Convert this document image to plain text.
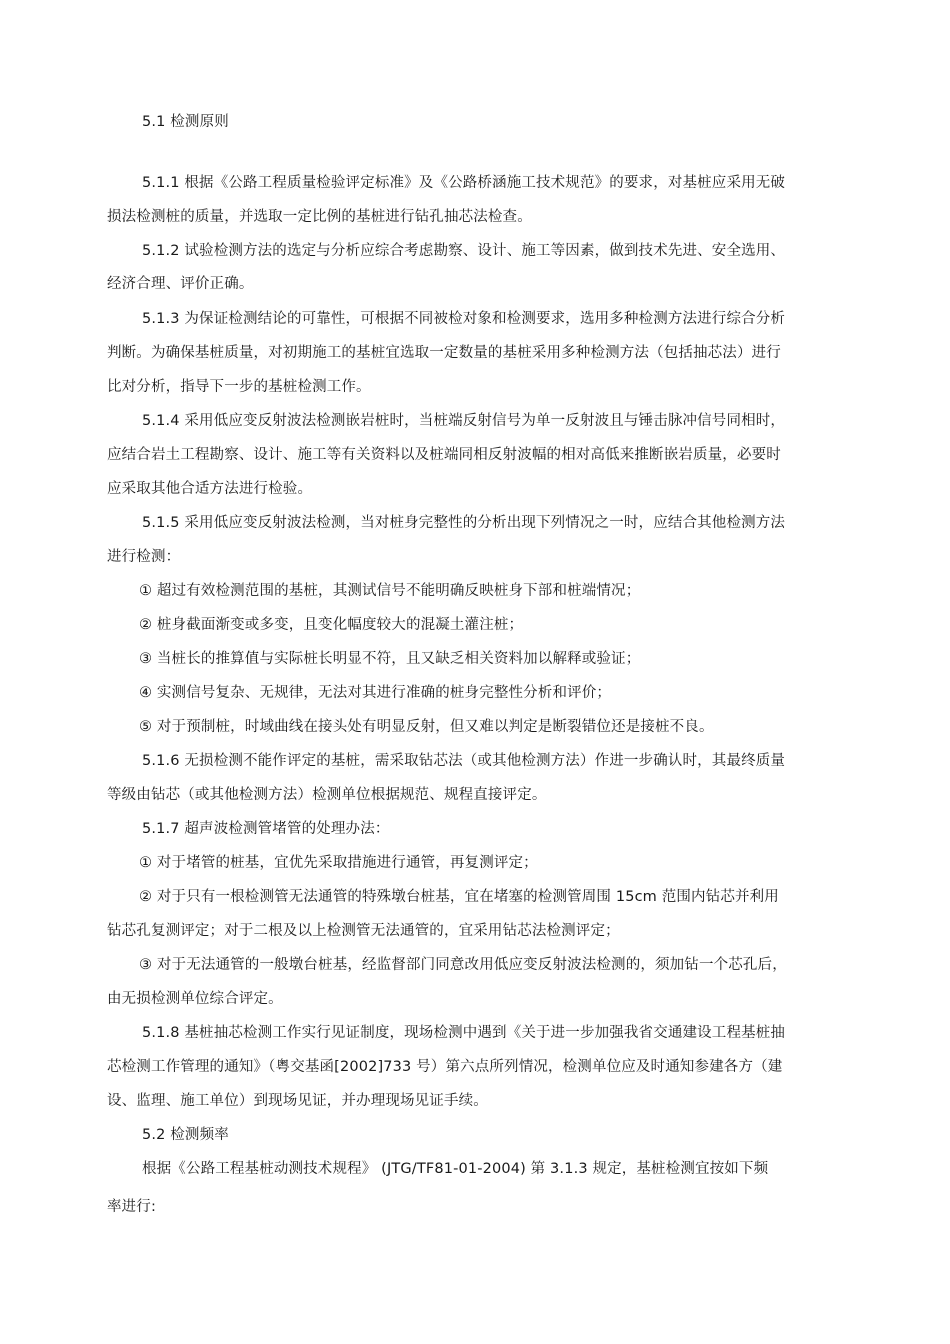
5.1 检测原则
5.1.1 根据《公路工程质量检验评定标准》及《公路桥涵施工技术规范》的要求，对基桩应采用无破
损法检测桩的质量，并选取一定比例的基桩进行钻孔抽芯法检查。
5.1.2 试验检测方法的选定与分析应综合考虑勘察、设计、施工等因素，做到技术先进、安全选用、
经济合理、评价正确。
5.1.3 为保证检测结论的可靠性，可根据不同被检对象和检测要求，选用多种检测方法进行综合分析
判断。为确保基桩质量，对初期施工的基桩宜选取一定数量的基桩采用多种检测方法（包括抽芯法）进行
比对分析，指导下一步的基桩检测工作。
5.1.4 采用低应变反射波法检测嵌岩桩时，当桩端反射信号为单一反射波且与锤击脉冲信号同相时，
应结合岩土工程勘察、设计、施工等有关资料以及桩端同相反射波幅的相对高低来推断嵌岩质量，必要时
应采取其他合适方法进行检验。
5.1.5 采用低应变反射波法检测，当对桩身完整性的分析出现下列情况之一时，应结合其他检测方法
进行检测：
① 超过有效检测范围的基桩，其测试信号不能明确反映桩身下部和桩端情况；
② 桩身截面渐变或多变，且变化幅度较大的混凝土灌注桩；
③ 当桩长的推算值与实际桩长明显不符，且又缺乏相关资料加以解释或验证；
④ 实测信号复杂、无规律，无法对其进行准确的桩身完整性分析和评价；
⑤ 对于预制桩，时域曲线在接头处有明显反射，但又难以判定是断裂错位还是接桩不良。
5.1.6 无损检测不能作评定的基桩，需采取钻芯法（或其他检测方法）作进一步确认时，其最终质量
等级由钻芯（或其他检测方法）检测单位根据规范、规程直接评定。
5.1.7 超声波检测管堵管的处理办法：
① 对于堵管的桩基，宜优先采取措施进行通管，再复测评定；
② 对于只有一根检测管无法通管的特殊墩台桩基，宜在堵塞的检测管周围 15cm 范围内钻芯并利用
钻芯孔复测评定；对于二根及以上检测管无法通管的，宜采用钻芯法检测评定；
③ 对于无法通管的一般墩台桩基，经监督部门同意改用低应变反射波法检测的，须加钻一个芯孔后，
由无损检测单位综合评定。
5.1.8 基桩抽芯检测工作实行见证制度，现场检测中遇到《关于进一步加强我省交通建设工程基桩抽
芯检测工作管理的通知》（粤交基函[2002]733 号）第六点所列情况，检测单位应及时通知参建各方（建
设、监理、施工单位）到现场见证，并办理现场见证手续。
5.2 检测频率
根据《公路工程基桩动测技术规程》 (JTG/TF81-01-2004) 第 3.1.3 规定，基桩检测宜按如下频
率进行:
